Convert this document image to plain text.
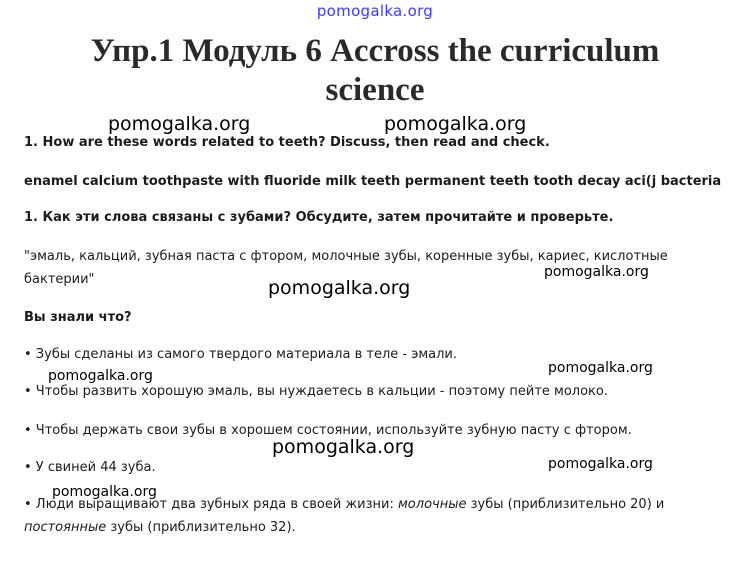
pomogalka.org
Упр.1 Модуль 6 Accross the curriculum
science
pomogalka.org	pomogalka.org

1. How are these words related to teeth? Discuss, then read and check.

enamel calcium toothpaste with fluoride milk teeth permanent teeth tooth decay aci(j bacteria

1. Как эти слова связаны с зубами? Обсудите, затем прочитайте и проверьте.

"эмаль, кальций, зубная паста с фтором, молочные зубы, коренные зубы, кариес, кислотные

бактерии"	pomogalka.org
pomogalka.org

Вы знали что?

• Зубы сделаны из самого твердого материала в теле - эмали.

pomogalka.org
pomogalka.org

• Чтобы развить хорошую эмаль, вы нуждаетесь в кальции - поэтому пейте молоко.

• Чтобы держать свои зубы в хорошем состоянии, используйте зубную пасту с фтором.

pomogalka.org
pomogalka.org

• У свиней 44 зуба.

pomogalka.org

• Люди выращивают два зубных ряда в своей жизни: молочные зубы (приблизительно 20) и

постоянные зубы (приблизительно 32).
